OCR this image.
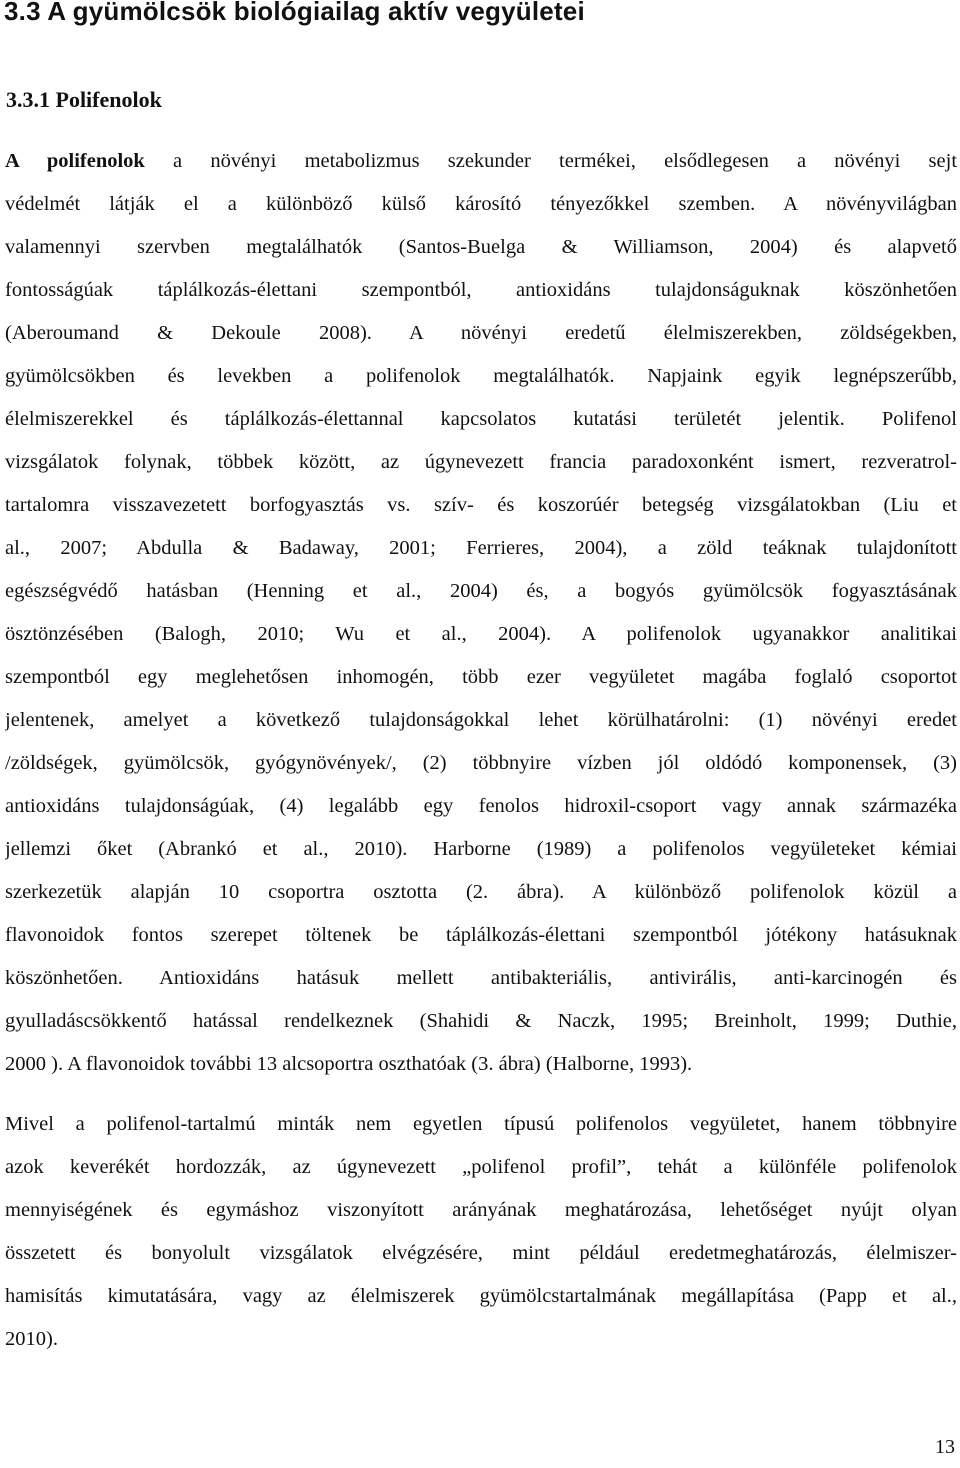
3.3 A gyümölcsök biológiailag aktív vegyületei
3.3.1 Polifenolok
A polifenolok a növényi metabolizmus szekunder termékei, elsődlegesen a növényi sejt
védelmét látják el a különböző külső károsító tényezőkkel szemben. A növényvilágban
valamennyi szervben megtalálhatók (Santos-Buelga & Williamson, 2004) és alapvető
fontosságúak táplálkozás-élettani szempontból, antioxidáns tulajdonságuknak köszönhetően
(Aberoumand & Dekoule 2008). A növényi eredetű élelmiszerekben, zöldségekben,
gyümölcsökben és levekben a polifenolok megtalálhatók. Napjaink egyik legnépszerűbb,
élelmiszerekkel és táplálkozás-élettannal kapcsolatos kutatási területét jelentik. Polifenol
vizsgálatok folynak, többek között, az úgynevezett francia paradoxonként ismert, rezveratrol-
tartalomra visszavezetett borfogyasztás vs. szív- és koszorúér betegség vizsgálatokban (Liu et
al., 2007; Abdulla & Badaway, 2001; Ferrieres, 2004), a zöld teáknak tulajdonított
egészségvédő hatásban (Henning et al., 2004) és, a bogyós gyümölcsök fogyasztásának
ösztönzésében (Balogh, 2010; Wu et al., 2004). A polifenolok ugyanakkor analitikai
szempontból egy meglehetősen inhomogén, több ezer vegyületet magába foglaló csoportot
jelentenek, amelyet a következő tulajdonságokkal lehet körülhatárolni: (1) növényi eredet
/zöldségek, gyümölcsök, gyógynövények/, (2) többnyire vízben jól oldódó komponensek, (3)
antioxidáns tulajdonságúak, (4) legalább egy fenolos hidroxil-csoport vagy annak származéka
jellemzi őket (Abrankó et al., 2010). Harborne (1989) a polifenolos vegyületeket kémiai
szerkezetük alapján 10 csoportra osztotta (2. ábra). A különböző polifenolok közül a
flavonoidok fontos szerepet töltenek be táplálkozás-élettani szempontból jótékony hatásuknak
köszönhetően. Antioxidáns hatásuk mellett antibakteriális, antivirális, anti-karcinogén és
gyulladáscsökkentő hatással rendelkeznek (Shahidi & Naczk, 1995; Breinholt, 1999; Duthie,
2000 ). A flavonoidok további 13 alcsoportra oszthatóak (3. ábra) (Halborne, 1993).
Mivel a polifenol-tartalmú minták nem egyetlen típusú polifenolos vegyületet, hanem többnyire
azok keverékét hordozzák, az úgynevezett „polifenol profil”, tehát a különféle polifenolok
mennyiségének és egymáshoz viszonyított arányának meghatározása, lehetőséget nyújt olyan
összetett és bonyolult vizsgálatok elvégzésére, mint például eredetmeghatározás, élelmiszer-
hamisítás kimutatására, vagy az élelmiszerek gyümölcstartalmának megállapítása (Papp et al.,
2010).
13
